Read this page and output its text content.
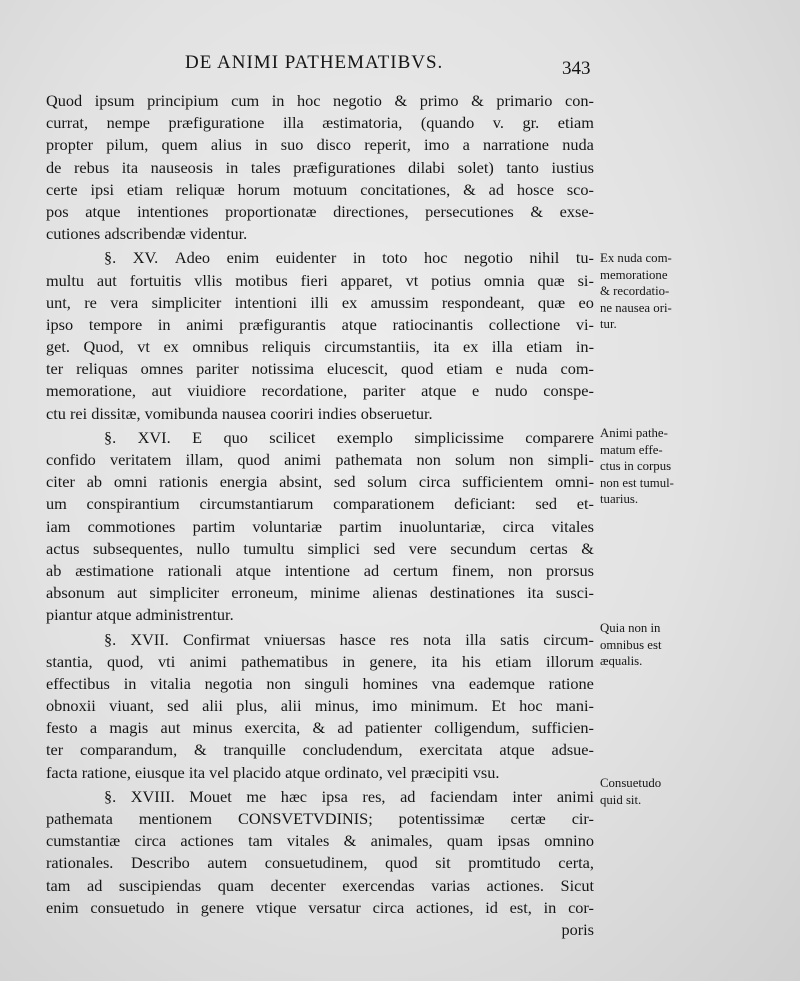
DE ANIMI PATHEMATIBVS.	343
Quod ipsum principium cum in hoc negotio & primo & primario con-
currat, nempe præfiguratione illa æstimatoria, (quando v. gr. etiam
propter pilum, quem alius in suo disco reperit, imo a narratione nuda
de rebus ita nauseosis in tales præfigurationes dilabi solet) tanto iustius
certe ipsi etiam reliquæ horum motuum concitationes, & ad hosce sco-
pos atque intentiones proportionatæ directiones, persecutiones & exse-
cutiones adscribendæ videntur.
§. XV. Adeo enim euidenter in toto hoc negotio nihil tu-
multu aut fortuitis vllis motibus fieri apparet, vt potius omnia quæ si-
unt, re vera simpliciter intentioni illi ex amussim respondeant, quæ eo
ipso tempore in animi præfigurantis atque ratiocinantis collectione vi-
get. Quod, vt ex omnibus reliquis circumstantiis, ita ex illa etiam in-
ter reliquas omnes pariter notissima elucescit, quod etiam e nuda com-
memoratione, aut viuidiore recordatione, pariter atque e nudo conspe-
ctu rei dissitæ, vomibunda nausea cooriri indies obseruetur.
§. XVI. E quo scilicet exemplo simplicissime comparere
confido veritatem illam, quod animi pathemata non solum non simpli-
citer ab omni rationis energia absint, sed solum circa sufficientem omni-
um conspirantium circumstantiarum comparationem deficiant: sed et-
iam commotiones partim voluntariæ partim inuoluntariæ, circa vitales
actus subsequentes, nullo tumultu simplici sed vere secundum certas &
ab æstimatione rationali atque intentione ad certum finem, non prorsus
absonum aut simpliciter erroneum, minime alienas destinationes ita susci-
piantur atque administrentur.
§. XVII. Confirmat vniuersas hasce res nota illa satis circum-
stantia, quod, vti animi pathematibus in genere, ita his etiam illorum
effectibus in vitalia negotia non singuli homines vna eademque ratione
obnoxii viuant, sed alii plus, alii minus, imo minimum. Et hoc mani-
festo a magis aut minus exercita, & ad patienter colligendum, sufficien-
ter comparandum, & tranquille concludendum, exercitata atque adsue-
facta ratione, eiusque ita vel placido atque ordinato, vel præcipiti vsu.
§. XVIII. Mouet me hæc ipsa res, ad faciendam inter animi
pathemata mentionem CONSVETVDINIS; potentissimæ certæ cir-
cumstantiæ circa actiones tam vitales & animales, quam ipsas omnino
rationales. Describo autem consuetudinem, quod sit promtitudo certa,
tam ad suscipiendas quam decenter exercendas varias actiones. Sicut
enim consuetudo in genere vtique versatur circa actiones, id est, in cor-
poris
Ex nuda com-
memoratione
& recordatio-
ne nausea ori-
tur.
Animi pathe-
matum effe-
ctus in corpus
non est tumul-
tuarius.
Quia non in
omnibus est
æqualis.
Consuetudo
quid sit.
